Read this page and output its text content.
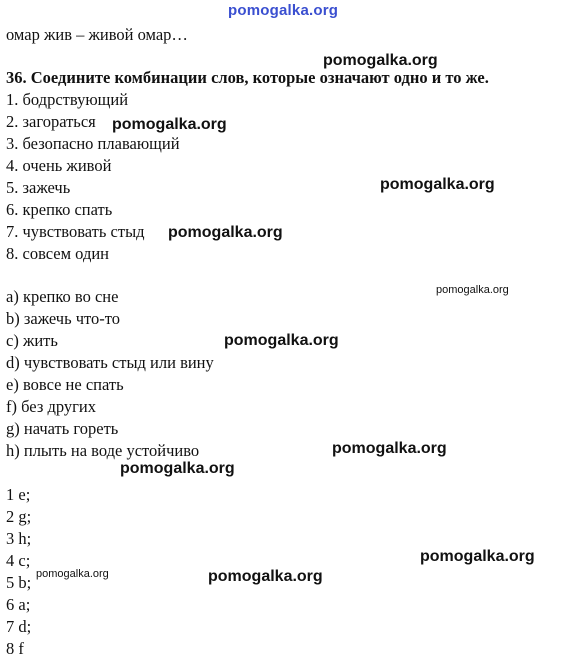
pomogalka.org
омар жив – живой омар…
36. Соедините комбинации слов, которые означают одно и то же.
1. бодрствующий
2. загораться
3. безопасно плавающий
4. очень живой
5. зажечь
6. крепко спать
7. чувствовать стыд
8. совсем один
a) крепко во сне
b) зажечь что-то
c) жить
d) чувствовать стыд или вину
e) вовсе не спать
f) без других
g) начать гореть
h) плыть на воде устойчиво
1 e;
2 g;
3 h;
4 c;
5 b;
6 a;
7 d;
8 f
pomogalka.org
pomogalka.org
pomogalka.org
pomogalka.org
pomogalka.org
pomogalka.org
pomogalka.org
pomogalka.org
pomogalka.org
pomogalka.org	pomogalka.org
